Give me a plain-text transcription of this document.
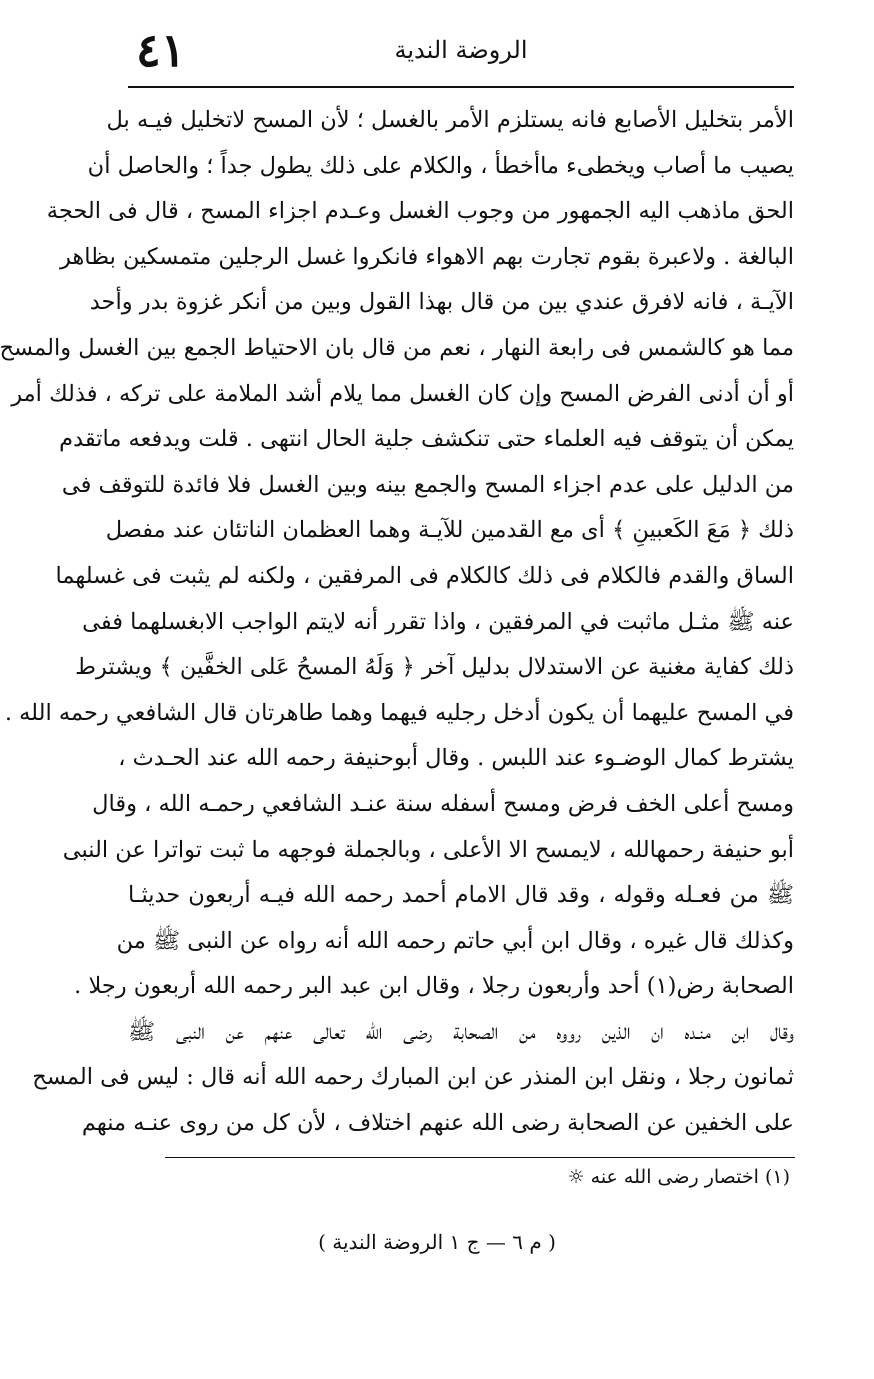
٤١	الروضة الندية
الأمر بتخليل الأصابع فانه يستلزم الأمر بالغسل ؛ لأن المسح لاتخليل فيـه بل
يصيب ما أصاب ويخطىء ماأخطأ ، والكلام على ذلك يطول جداً ؛ والحاصل أن
الحق ماذهب اليه الجمهور من وجوب الغسل وعـدم اجزاء المسح ، قال فى الحجة
البالغة . ولاعبرة بقوم تجارت بهم الاهواء فانكروا غسل الرجلين متمسكين بظاهر
الآيـة ، فانه لافرق عندي بين من قال بهذا القول وبين من أنكر غزوة بدر وأحد
مما هو كالشمس فى رابعة النهار ، نعم من قال بان الاحتياط الجمع بين الغسل والمسح
أو أن أدنى الفرض المسح وإن كان الغسل مما يلام أشد الملامة على تركه ، فذلك أمر
يمكن أن يتوقف فيه العلماء حتى تنكشف جلية الحال انتهى . قلت ويدفعه ماتقدم
من الدليل على عدم اجزاء المسح والجمع بينه وبين الغسل فلا فائدة للتوقف فى
ذلك ﴿ مَعَ الكَعبينِ ﴾ أى مع القدمين للآيـة وهما العظمان الناتئان عند مفصل
الساق والقدم فالكلام فى ذلك كالكلام فى المرفقين ، ولكنه لم يثبت فى غسلهما
عنه ﷺ مثـل ماثبت في المرفقين ، واذا تقرر أنه لايتم الواجب الابغسلهما ففى
ذلك كفاية مغنية عن الاستدلال بدليل آخر ﴿ وَلَهُ المسحُ عَلى الخفَّين ﴾ ويشترط
في المسح عليهما أن يكون أدخل رجليه فيهما وهما طاهرتان قال الشافعي رحمه الله .
يشترط كمال الوضـوء عند اللبس . وقال أبوحنيفة رحمه الله عند الحـدث ،
ومسح أعلى الخف فرض ومسح أسفله سنة عنـد الشافعي رحمـه الله ، وقال
أبو حنيفة رحمهالله ، لايمسح الا الأعلى ، وبالجملة فوجهه ما ثبت تواترا عن النبى
ﷺ من فعـله وقوله ، وقد قال الامام أحمد رحمه الله فيـه أربعون حديثـا
وكذلك قال غيره ، وقال ابن أبي حاتم رحمه الله أنه رواه عن النبى ﷺ من
الصحابة رض(١) أحد وأربعون رجلا ، وقال ابن عبد البر رحمه الله أربعون رجلا .
وقال ابن منـده ان الذين رووه من الصحابة رضى الله تعالى عنهم عن النبى ﷺ
ثمانون رجلا ، ونقل ابن المنذر عن ابن المبارك رحمه الله أنه قال : ليس فى المسح
على الخفين عن الصحابة رضى الله عنهم اختلاف ، لأن كل من روى عنـه منهم
(١) اختصار رضى الله عنه ☼
( م ٦ — ج ١ الروضة الندية )
